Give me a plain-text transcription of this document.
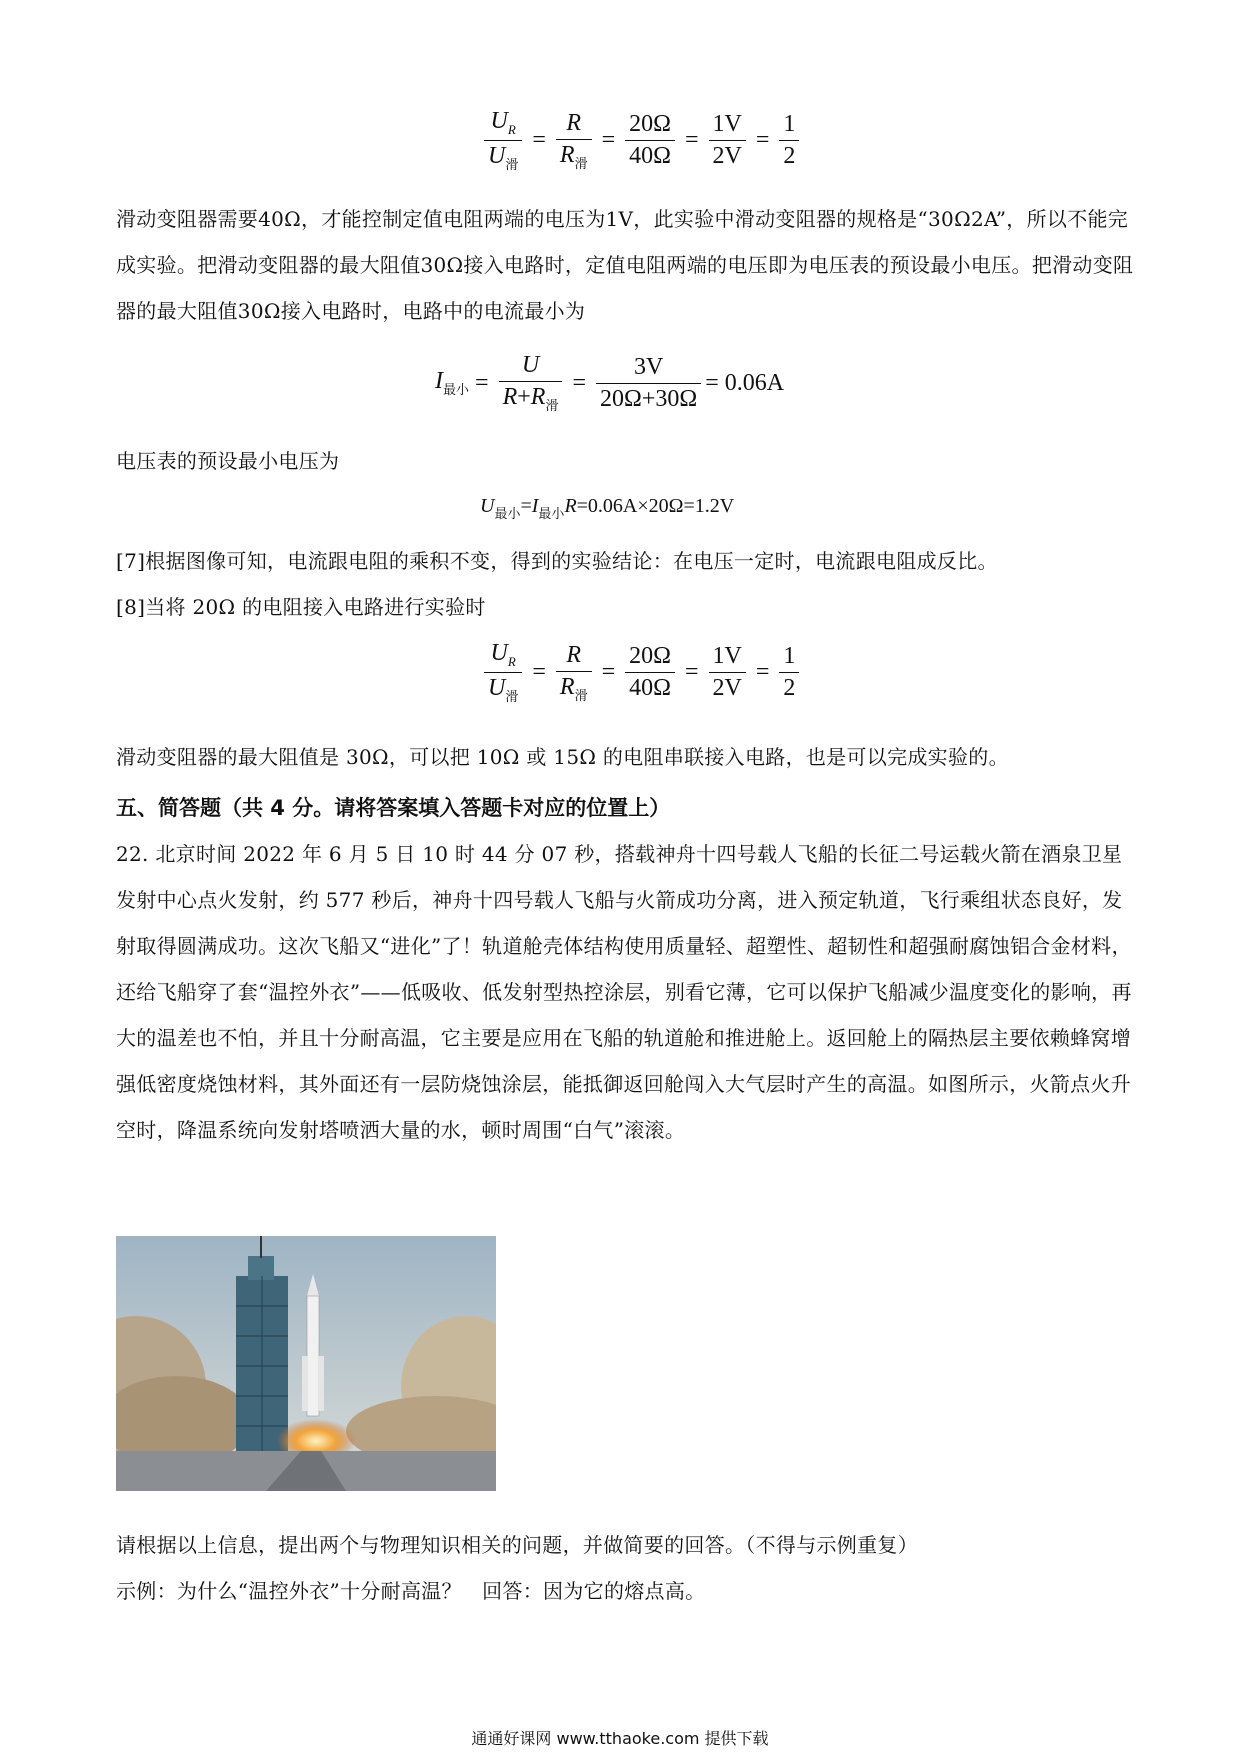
$\frac{U_R}{U_滑} = \frac{R}{R_滑} = \frac{20\Omega}{40\Omega} = \frac{1V}{2V} = \frac{1}{2}$
滑动变阻器需要40Ω，才能控制定值电阻两端的电压为1V，此实验中滑动变阻器的规格是“30Ω2A”，所以不能完成实验。把滑动变阻器的最大阻值30Ω接入电路时，定值电阻两端的电压即为电压表的预设最小电压。把滑动变阻器的最大阻值30Ω接入电路时，电路中的电流最小为
$I_{最小} = \frac{U}{R+R_滑} = \frac{3V}{20\Omega+30\Omega} = 0.06A$
电压表的预设最小电压为
$U_{最小}=I_{最小}R=0.06A\times 20\Omega=1.2V$
[7]根据图像可知，电流跟电阻的乘积不变，得到的实验结论：在电压一定时，电流跟电阻成反比。
[8]当将 20Ω 的电阻接入电路进行实验时
$\frac{U_R}{U_滑} = \frac{R}{R_滑} = \frac{20\Omega}{40\Omega} = \frac{1V}{2V} = \frac{1}{2}$
滑动变阻器的最大阻值是 30Ω，可以把 10Ω 或 15Ω 的电阻串联接入电路，也是可以完成实验的。
五、简答题（共 4 分。请将答案填入答题卡对应的位置上）
22. 北京时间 2022 年 6 月 5 日 10 时 44 分 07 秒，搭载神舟十四号载人飞船的长征二号运载火箭在酒泉卫星发射中心点火发射，约 577 秒后，神舟十四号载人飞船与火箭成功分离，进入预定轨道，飞行乘组状态良好，发射取得圆满成功。这次飞船又“进化”了！轨道舱壳体结构使用质量轻、超塑性、超韧性和超强耐腐蚀铝合金材料，还给飞船穿了套“温控外衣”——低吸收、低发射型热控涂层，别看它薄，它可以保护飞船减少温度变化的影响，再大的温差也不怕，并且十分耐高温，它主要是应用在飞船的轨道舱和推进舱上。返回舱上的隔热层主要依赖蜂窝增强低密度烧蚀材料，其外面还有一层防烧蚀涂层，能抵御返回舱闯入大气层时产生的高温。如图所示，火箭点火升空时，降温系统向发射塔喷洒大量的水，顿时周围“白气”滚滚。
请根据以上信息，提出两个与物理知识相关的问题，并做简要的回答。（不得与示例重复）
示例：为什么“温控外衣”十分耐高温？　回答：因为它的熔点高。
通通好课网 www.tthaoke.com 提供下载
